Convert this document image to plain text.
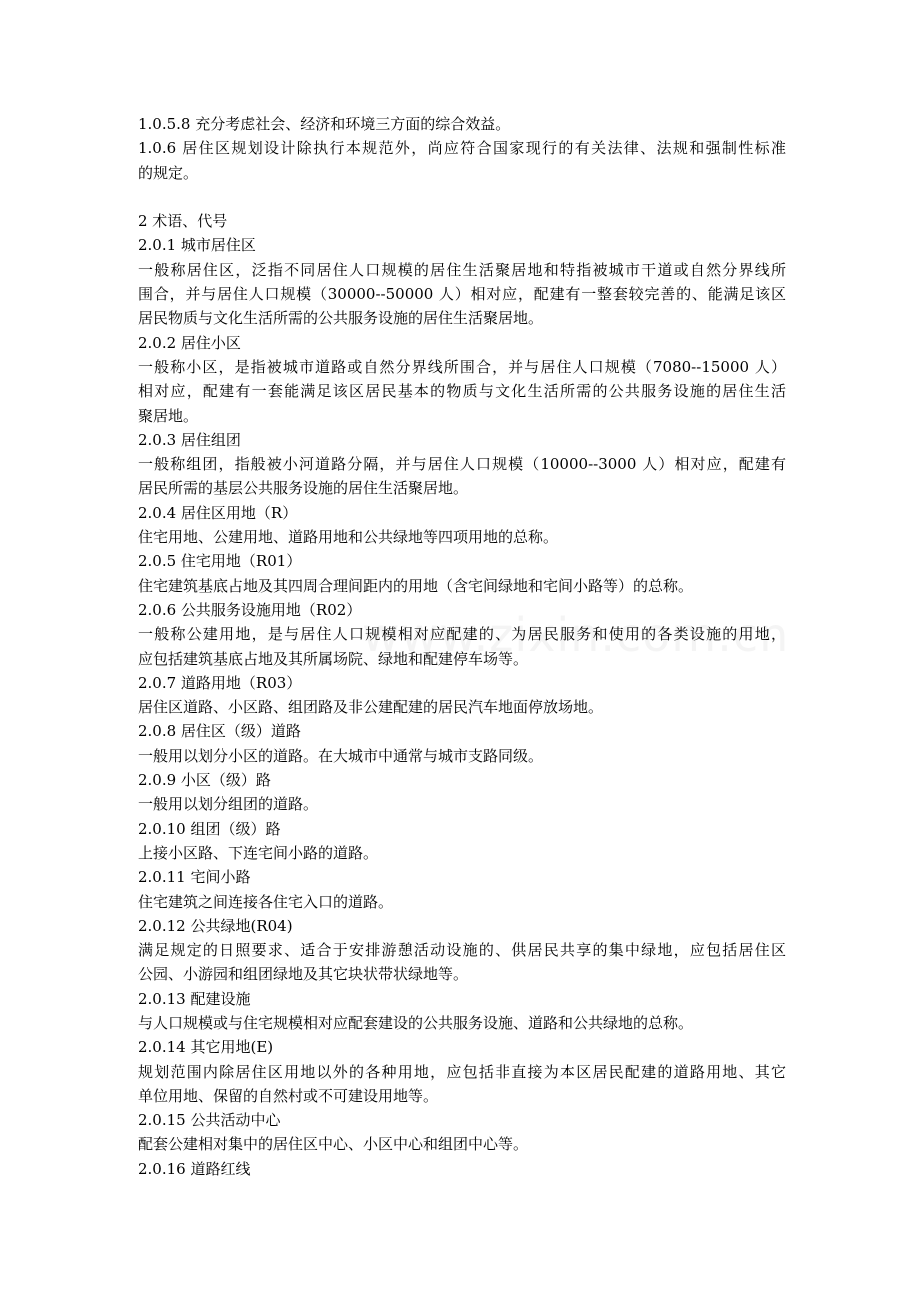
1.0.5.8 充分考虑社会、经济和环境三方面的综合效益。
1.0.6 居住区规划设计除执行本规范外，尚应符合国家现行的有关法律、法规和强制性标准
的规定。
2 术语、代号
2.0.1 城市居住区
一般称居住区，泛指不同居住人口规模的居住生活聚居地和特指被城市干道或自然分界线所
围合，并与居住人口规模（30000--50000 人）相对应，配建有一整套较完善的、能满足该区
居民物质与文化生活所需的公共服务设施的居住生活聚居地。
2.0.2 居住小区
一般称小区，是指被城市道路或自然分界线所围合，并与居住人口规模（7080--15000 人）
相对应，配建有一套能满足该区居民基本的物质与文化生活所需的公共服务设施的居住生活
聚居地。
2.0.3 居住组团
一般称组团，指般被小河道路分隔，并与居住人口规模（10000--3000 人）相对应，配建有
居民所需的基层公共服务设施的居住生活聚居地。
2.0.4 居住区用地（R）
住宅用地、公建用地、道路用地和公共绿地等四项用地的总称。
2.0.5 住宅用地（R01）
住宅建筑基底占地及其四周合理间距内的用地（含宅间绿地和宅间小路等）的总称。
2.0.6 公共服务设施用地（R02）
一般称公建用地，是与居住人口规模相对应配建的、为居民服务和使用的各类设施的用地，
应包括建筑基底占地及其所属场院、绿地和配建停车场等。
2.0.7 道路用地（R03）
居住区道路、小区路、组团路及非公建配建的居民汽车地面停放场地。
2.0.8 居住区（级）道路
一般用以划分小区的道路。在大城市中通常与城市支路同级。
2.0.9 小区（级）路
一般用以划分组团的道路。
2.0.10 组团（级）路
上接小区路、下连宅间小路的道路。
2.0.11 宅间小路
住宅建筑之间连接各住宅入口的道路。
2.0.12 公共绿地(R04)
满足规定的日照要求、适合于安排游憩活动设施的、供居民共享的集中绿地，应包括居住区
公园、小游园和组团绿地及其它块状带状绿地等。
2.0.13 配建设施
与人口规模或与住宅规模相对应配套建设的公共服务设施、道路和公共绿地的总称。
2.0.14 其它用地(E)
规划范围内除居住区用地以外的各种用地，应包括非直接为本区居民配建的道路用地、其它
单位用地、保留的自然村或不可建设用地等。
2.0.15 公共活动中心
配套公建相对集中的居住区中心、小区中心和组团中心等。
2.0.16 道路红线
